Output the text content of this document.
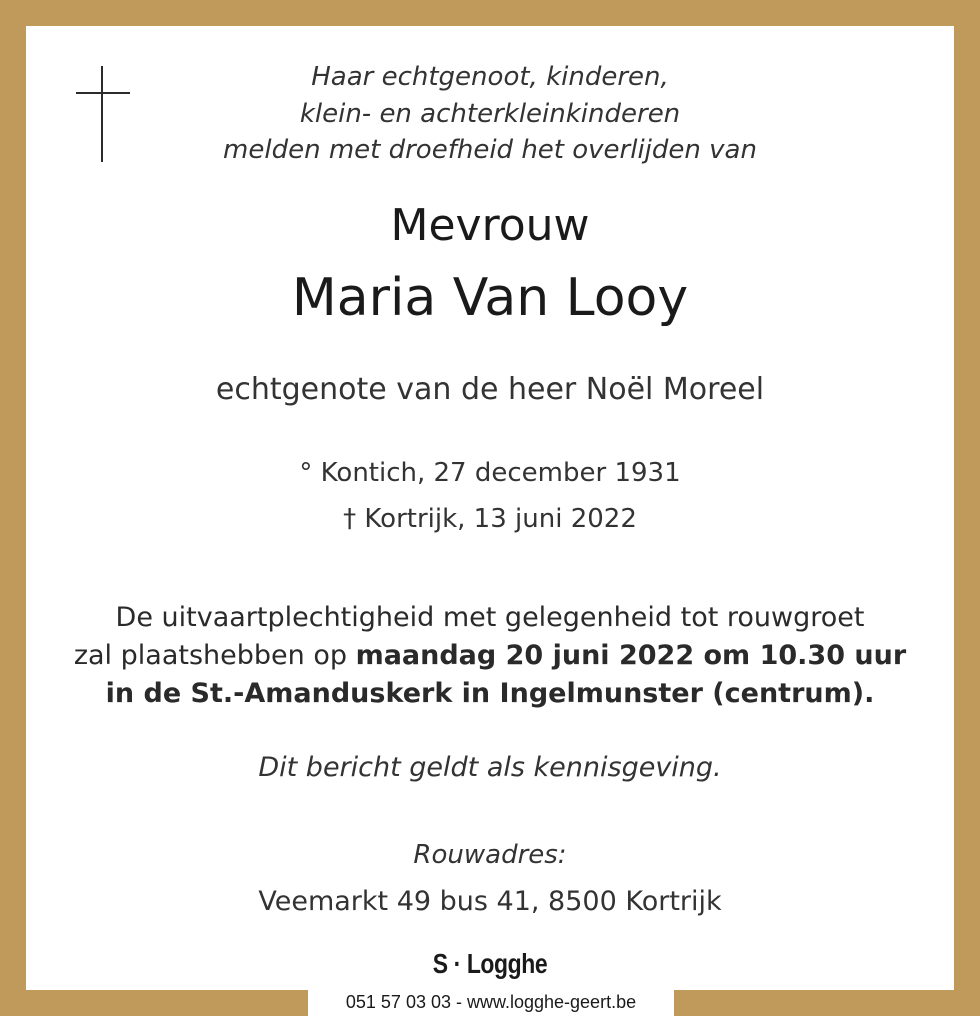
Haar echtgenoot, kinderen,
klein- en achterkleinkinderen
melden met droefheid het overlijden van
Mevrouw
Maria Van Looy
echtgenote van de heer Noël Moreel
° Kontich, 27 december 1931
† Kortrijk, 13 juni 2022
De uitvaartplechtigheid met gelegenheid tot rouwgroet
zal plaatshebben op maandag 20 juni 2022 om 10.30 uur
in de St.-Amanduskerk in Ingelmunster (centrum).
Dit bericht geldt als kennisgeving.
Rouwadres:
Veemarkt 49 bus 41, 8500 Kortrijk
S · Logghe
051 57 03 03 - www.logghe-geert.be
